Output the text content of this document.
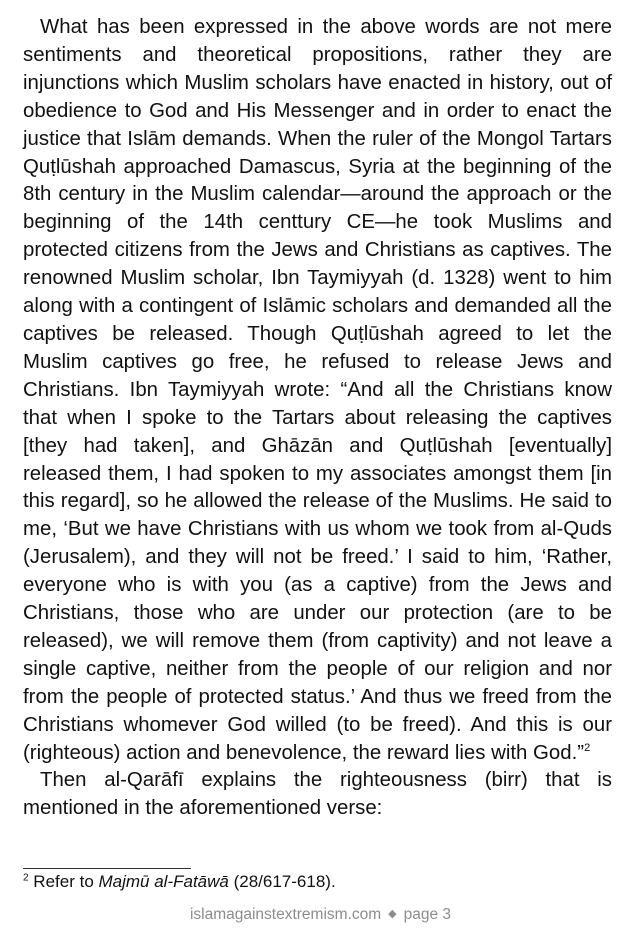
What has been expressed in the above words are not mere sentiments and theoretical propositions, rather they are injunctions which Muslim scholars have enacted in history, out of obedience to God and His Messenger and in order to enact the justice that Islām demands. When the ruler of the Mongol Tartars Quṭlūshah approached Damascus, Syria at the beginning of the 8th century in the Muslim calendar—around the approach or the beginning of the 14th centtury CE—he took Muslims and protected citizens from the Jews and Christians as captives. The renowned Muslim scholar, Ibn Taymiyyah (d. 1328) went to him along with a contingent of Islāmic scholars and demanded all the captives be released. Though Quṭlūshah agreed to let the Muslim captives go free, he refused to release Jews and Christians. Ibn Taymiyyah wrote: “And all the Christians know that when I spoke to the Tartars about releasing the captives [they had taken], and Ghāzān and Quṭlūshah [eventually] released them, I had spoken to my associates amongst them [in this regard], so he allowed the release of the Muslims. He said to me, ‘But we have Christians with us whom we took from al-Quds (Jerusalem), and they will not be freed.’ I said to him, ‘Rather, everyone who is with you (as a captive) from the Jews and Christians, those who are under our protection (are to be released), we will remove them (from captivity) and not leave a single captive, neither from the people of our religion and nor from the people of protected status.’ And thus we freed from the Christians whomever God willed (to be freed). And this is our (righteous) action and benevolence, the reward lies with God.”$^2$

Then al-Qarāfī explains the righteousness (birr) that is mentioned in the aforementioned verse:

$^2$ Refer to Majmū al-Fatāwā (28/617-618).
islamagainstextremism.com ◆ page 3
